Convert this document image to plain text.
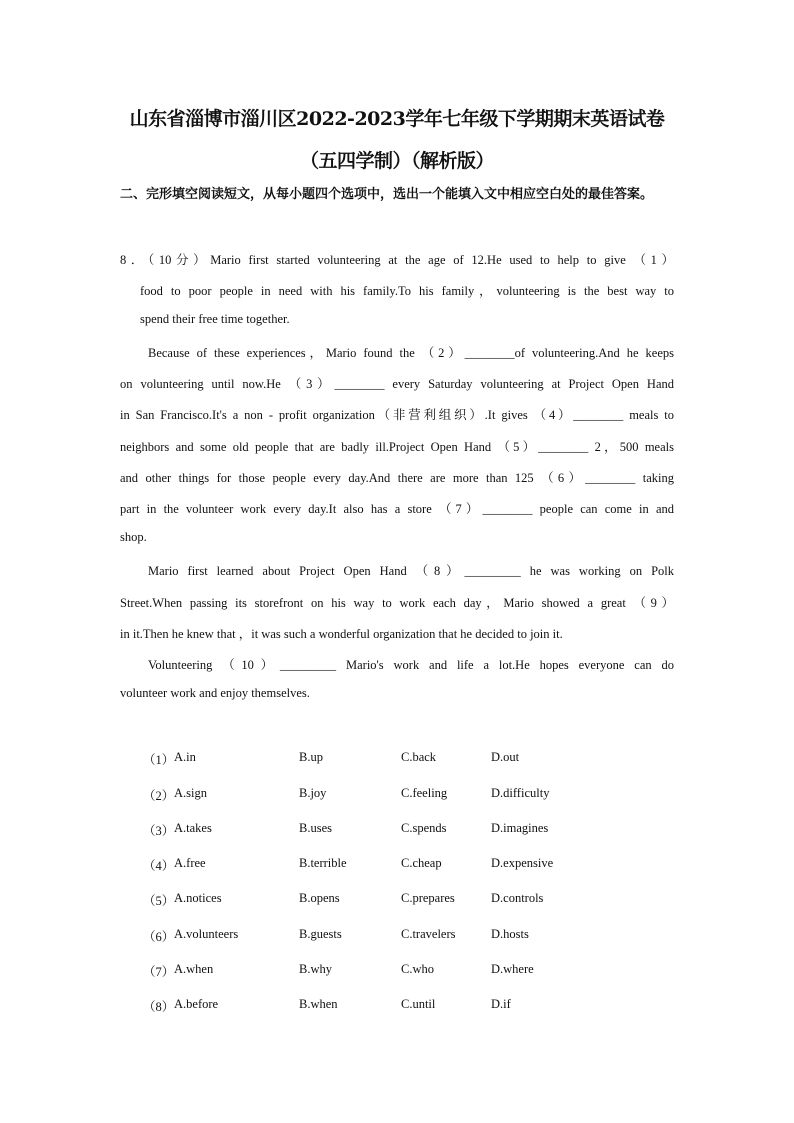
山东省淄博市淄川区2022-2023学年七年级下学期期末英语试卷
（五四学制）（解析版）
二、完形填空阅读短文，从每小题四个选项中，选出一个能填入文中相应空白处的最佳答案。
8．（10分）Mario first started volunteering at the age of 12.He used to help to give （1）
food to poor people in need with his family.To his family，volunteering is the best way to
spend their free time together.
Because of these experiences，Mario found the （2）________of volunteering.And he keeps
on volunteering until now.He （3）________ every Saturday volunteering at Project Open Hand
in San Francisco.It's a non - profit organization（非营利组织）.It gives （4）________ meals to
neighbors and some old people that are badly ill.Project Open Hand （5）________ 2，500 meals
and other things for those people every day.And there are more than 125 （6）________ taking
part in the volunteer work every day.It also has a store （7）________ people can come in and
shop.
Mario first learned about Project Open Hand （8）_________ he was working on Polk
Street.When passing its storefront on his way to work each day，Mario showed a great （9）
in it.Then he knew that ，it was such a wonderful organization that he decided to join it.
Volunteering （10）_________ Mario's work and life a lot.He hopes everyone can do
volunteer work and enjoy themselves.
（1） A.in	B.up	C.back	D.out
（2） A.sign	B.joy	C.feeling	D.difficulty
（3） A.takes	B.uses	C.spends	D.imagines
（4） A.free	B.terrible	C.cheap	D.expensive
（5） A.notices	B.opens	C.prepares	D.controls
（6） A.volunteers	B.guests	C.travelers	D.hosts
（7） A.when	B.why	C.who	D.where
（8） A.before	B.when	C.until	D.if
